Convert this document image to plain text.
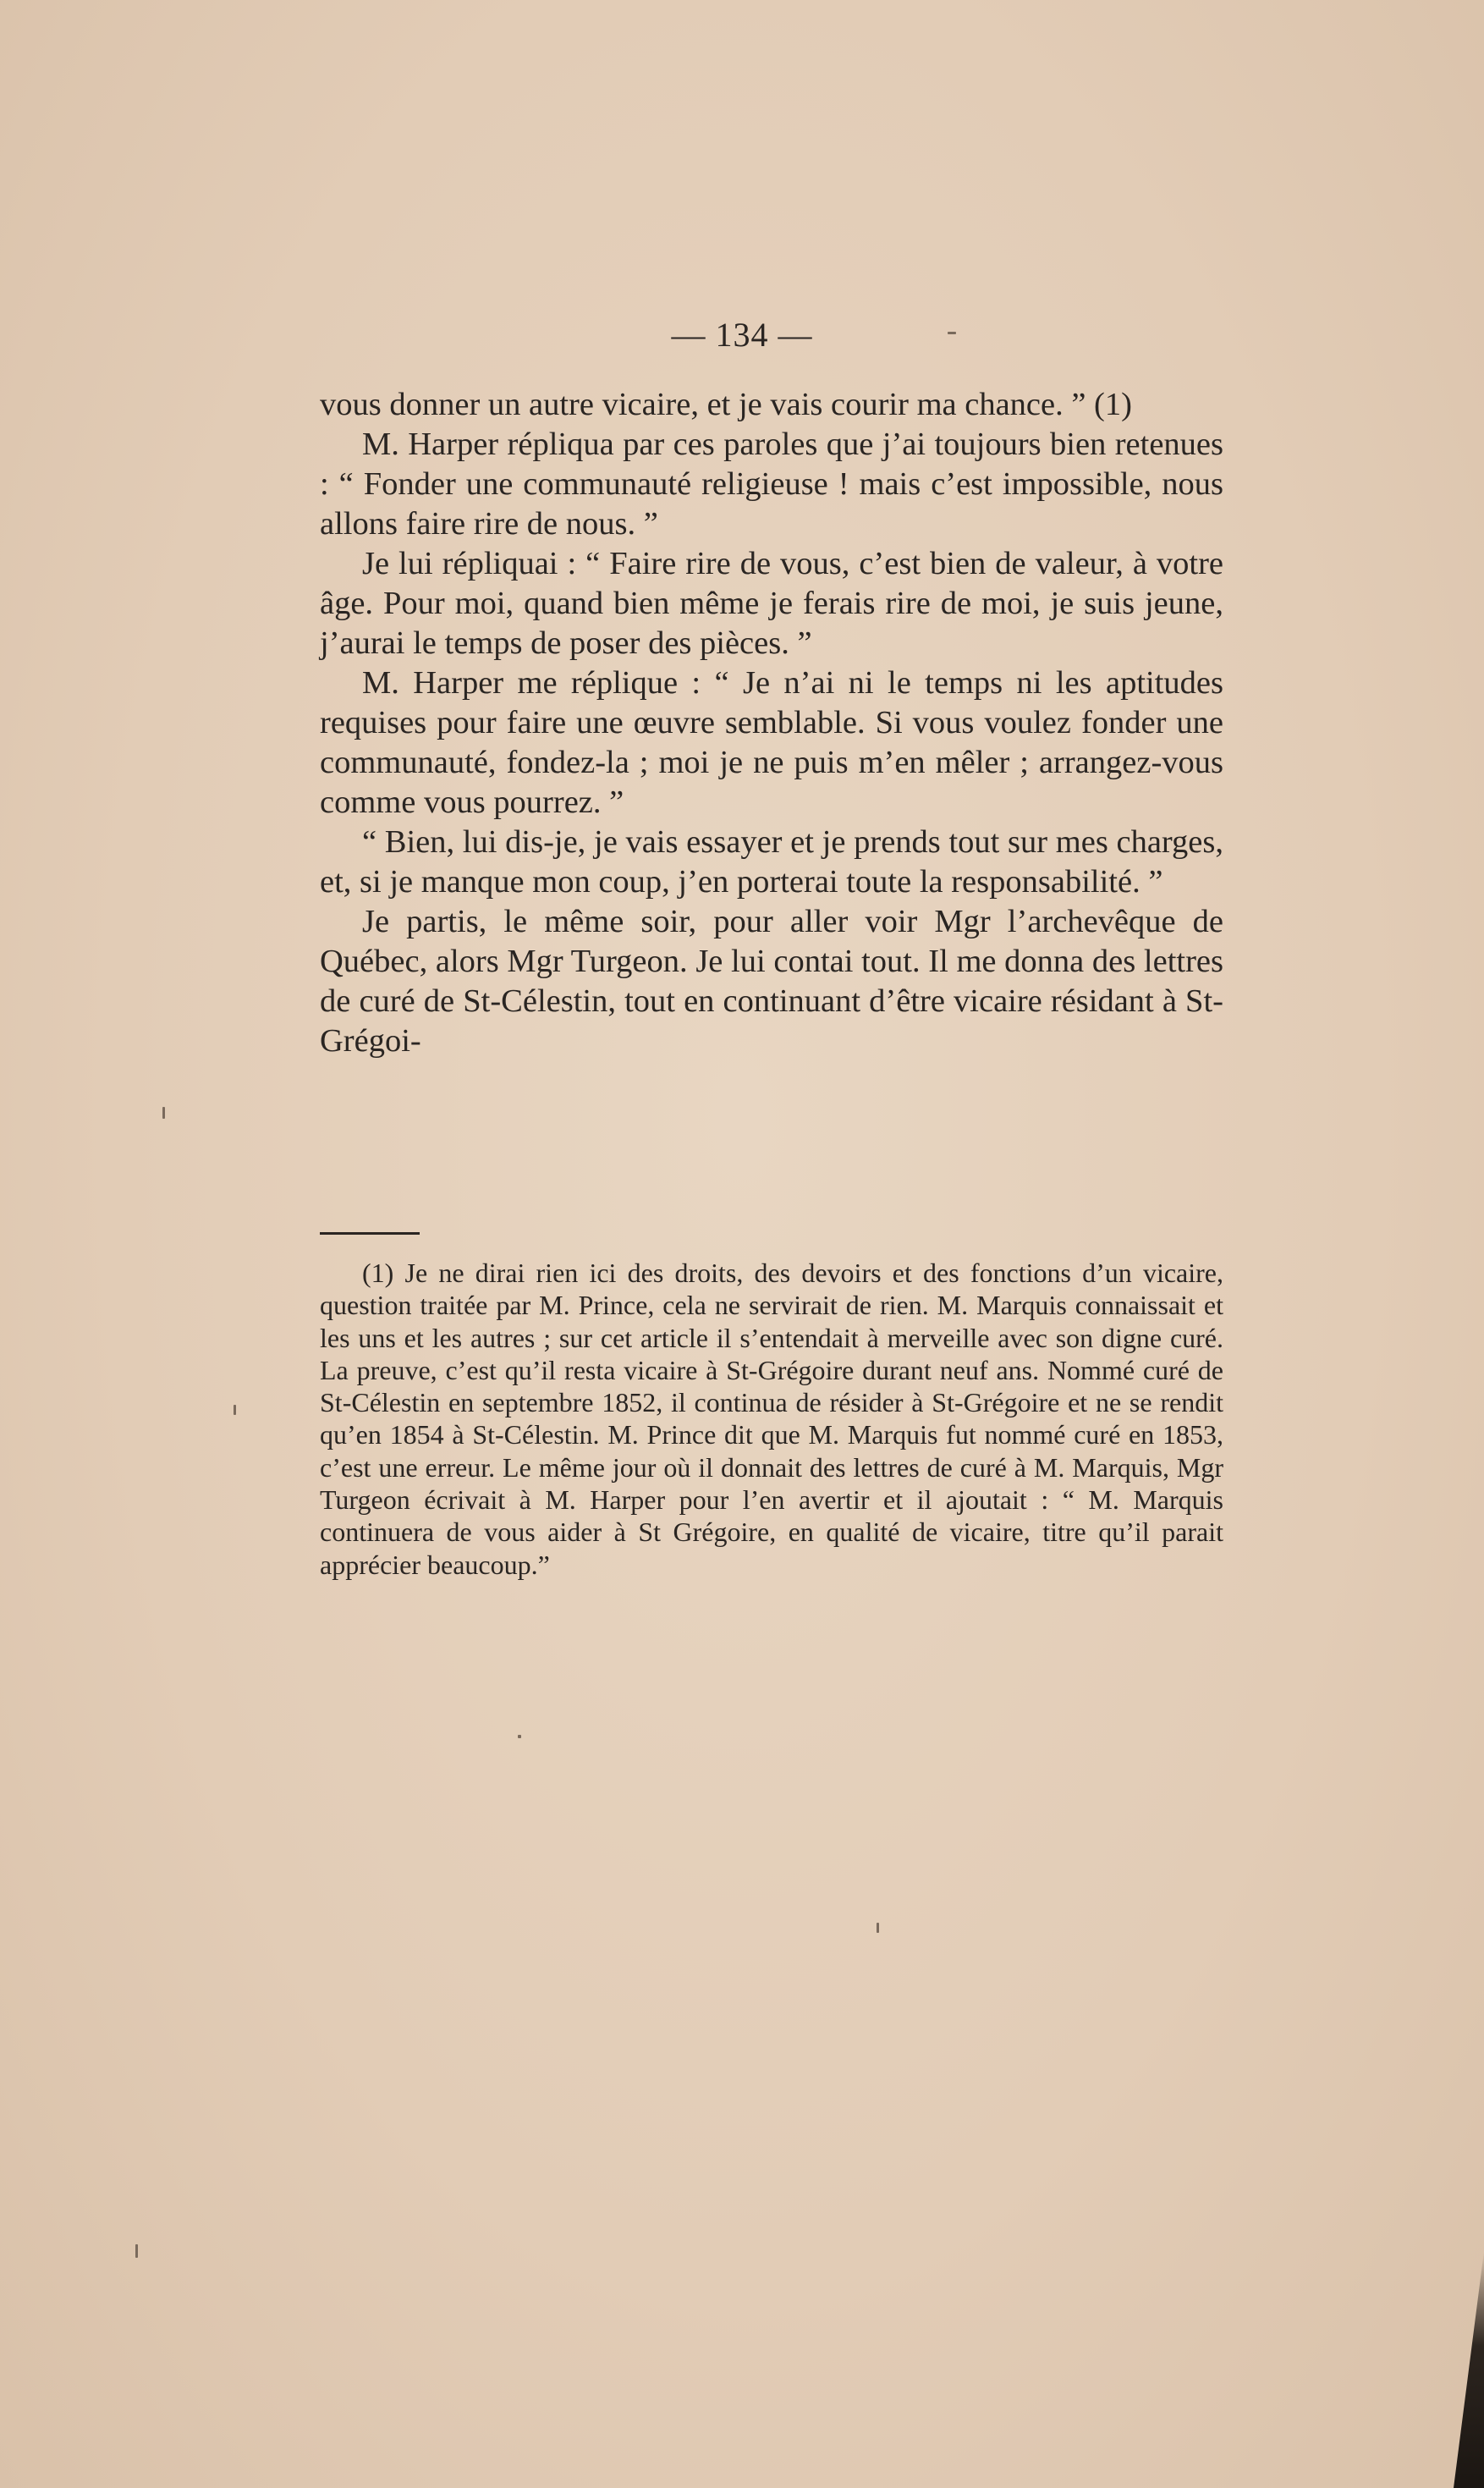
— 134 —

vous donner un autre vicaire, et je vais courir ma chance. ” (1)

M. Harper répliqua par ces paroles que j’ai toujours bien retenues : “ Fonder une communauté religieuse ! mais c’est impossible, nous allons faire rire de nous. ”

Je lui répliquai : “ Faire rire de vous, c’est bien de valeur, à votre âge. Pour moi, quand bien même je ferais rire de moi, je suis jeune, j’aurai le temps de poser des pièces. ”

M. Harper me réplique : “ Je n’ai ni le temps ni les aptitudes requises pour faire une œuvre semblable. Si vous voulez fonder une communauté, fondez-la ; moi je ne puis m’en mêler ; arrangez-vous comme vous pourrez. ”

“ Bien, lui dis-je, je vais essayer et je prends tout sur mes charges, et, si je manque mon coup, j’en porterai toute la responsabilité. ”

Je partis, le même soir, pour aller voir Mgr l’archevêque de Québec, alors Mgr Turgeon. Je lui contai tout. Il me donna des lettres de curé de St-Célestin, tout en continuant d’être vicaire résidant à St-Grégoi-

(1) Je ne dirai rien ici des droits, des devoirs et des fonctions d’un vicaire, question traitée par M. Prince, cela ne servirait de rien. M. Marquis connaissait et les uns et les autres ; sur cet article il s’entendait à merveille avec son digne curé. La preuve, c’est qu’il resta vicaire à St-Grégoire durant neuf ans. Nommé curé de St-Célestin en septembre 1852, il continua de résider à St-Grégoire et ne se rendit qu’en 1854 à St-Célestin. M. Prince dit que M. Marquis fut nommé curé en 1853, c’est une erreur. Le même jour où il donnait des lettres de curé à M. Marquis, Mgr Turgeon écrivait à M. Harper pour l’en avertir et il ajoutait : “ M. Marquis continuera de vous aider à St Grégoire, en qualité de vicaire, titre qu’il parait apprécier beaucoup.”
